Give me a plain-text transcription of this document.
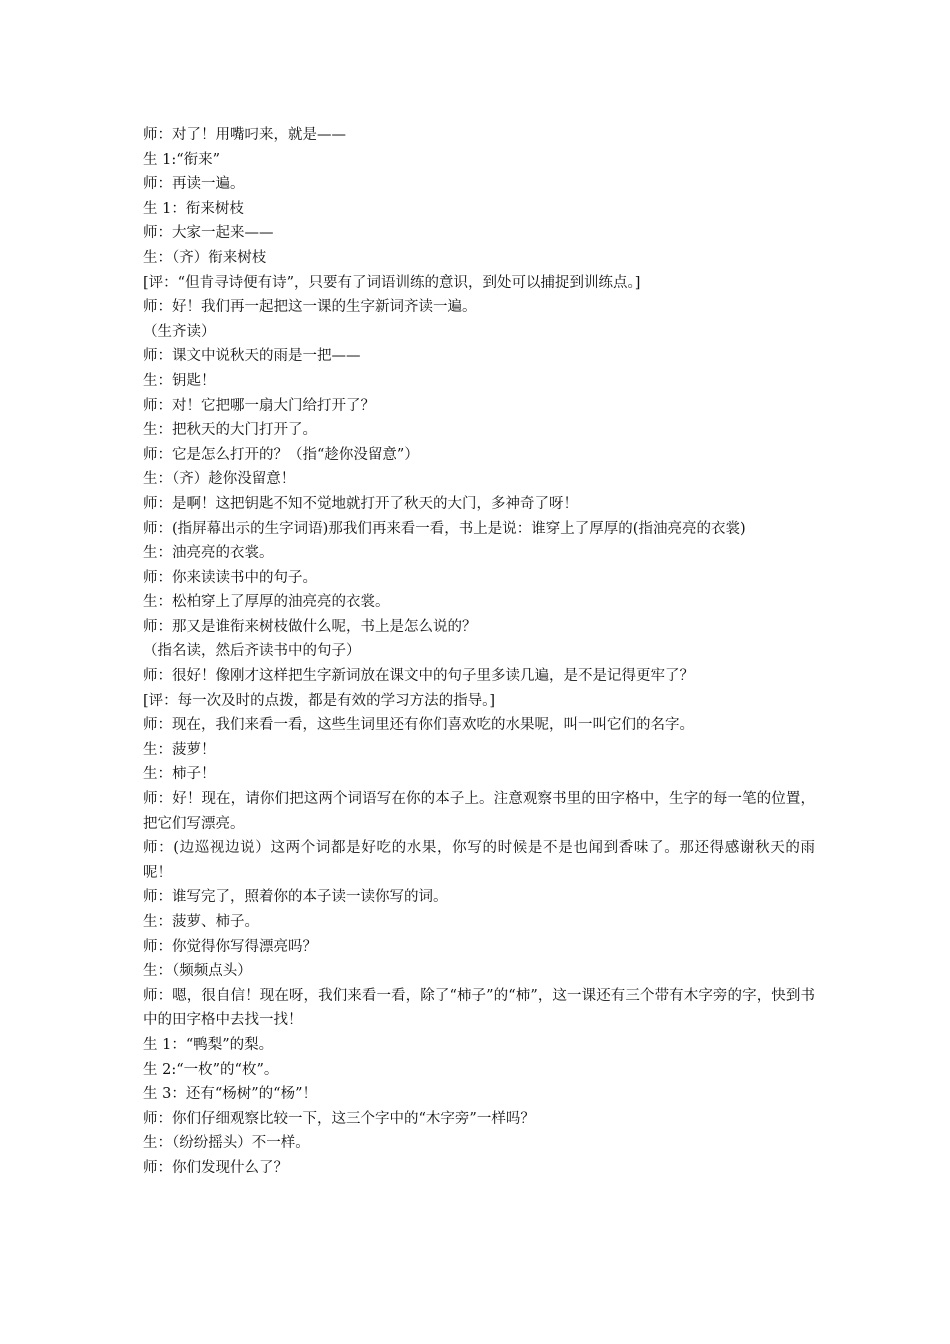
师：对了！用嘴叼来，就是——

生 1:“衔来”

师：再读一遍。

生 1：衔来树枝

师：大家一起来——

生：（齐）衔来树枝

[评：“但肯寻诗便有诗”，只要有了词语训练的意识，到处可以捕捉到训练点。]

师：好！我们再一起把这一课的生字新词齐读一遍。

（生齐读）

师：课文中说秋天的雨是一把——

生：钥匙！

师：对！它把哪一扇大门给打开了？

生：把秋天的大门打开了。

师：它是怎么打开的？（指“趁你没留意”）

生：（齐）趁你没留意！

师：是啊！这把钥匙不知不觉地就打开了秋天的大门，多神奇了呀！

师：(指屏幕出示的生字词语)那我们再来看一看，书上是说：谁穿上了厚厚的(指油亮亮的衣裳)

生：油亮亮的衣裳。

师：你来读读书中的句子。

生：松柏穿上了厚厚的油亮亮的衣裳。

师：那又是谁衔来树枝做什么呢，书上是怎么说的？

（指名读，然后齐读书中的句子）

师：很好！像刚才这样把生字新词放在课文中的句子里多读几遍，是不是记得更牢了？

[评：每一次及时的点拨，都是有效的学习方法的指导。]

师：现在，我们来看一看，这些生词里还有你们喜欢吃的水果呢，叫一叫它们的名字。

生：菠萝！

生：柿子！

师：好！现在，请你们把这两个词语写在你的本子上。注意观察书里的田字格中，生字的每一笔的位置，把它们写漂亮。

师：(边巡视边说）这两个词都是好吃的水果，你写的时候是不是也闻到香味了。那还得感谢秋天的雨呢！

师：谁写完了，照着你的本子读一读你写的词。

生：菠萝、柿子。

师：你觉得你写得漂亮吗？

生：（频频点头）

师：嗯，很自信！现在呀，我们来看一看，除了“柿子”的“柿”，这一课还有三个带有木字旁的字，快到书中的田字格中去找一找！

生 1：“鸭梨”的梨。

生 2:“一枚”的“枚”。

生 3：还有“杨树”的“杨”！

师：你们仔细观察比较一下，这三个字中的“木字旁”一样吗？

生：（纷纷摇头）不一样。

师：你们发现什么了？
